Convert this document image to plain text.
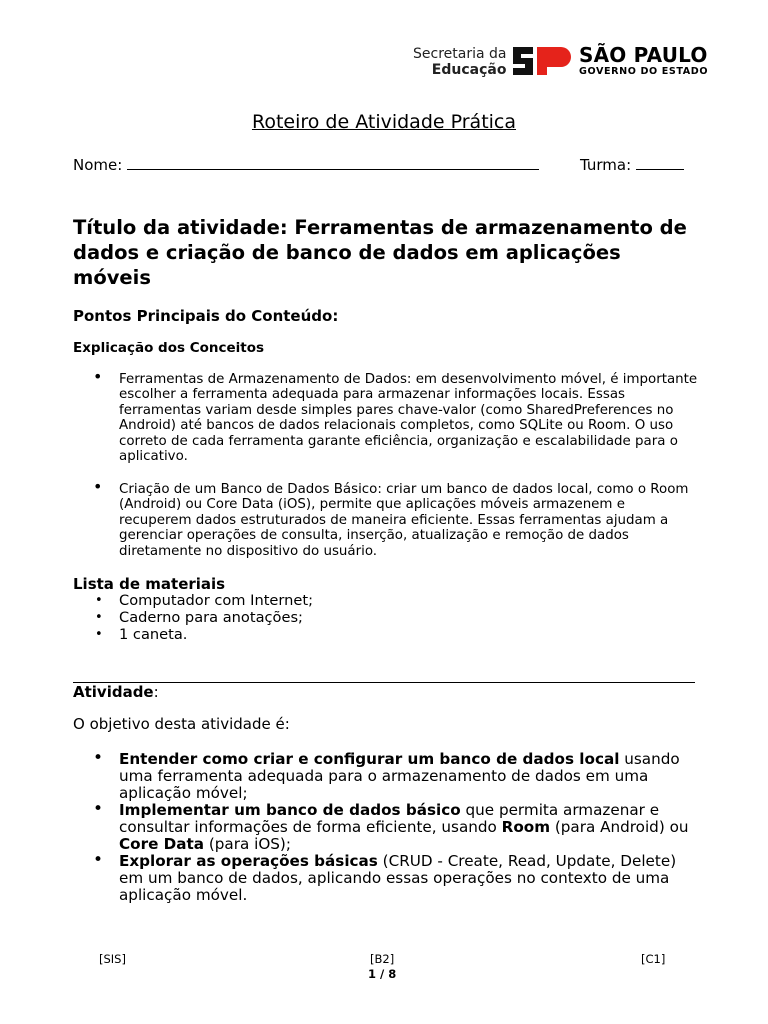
Secretaria da
Educação
SÃO PAULO
GOVERNO DO ESTADO
Roteiro de Atividade Prática
Nome:	Turma:
Título da atividade: Ferramentas de armazenamento de dados e criação de banco de dados em aplicações móveis
Pontos Principais do Conteúdo:
Explicação dos Conceitos
• Ferramentas de Armazenamento de Dados: em desenvolvimento móvel, é importante escolher a ferramenta adequada para armazenar informações locais. Essas ferramentas variam desde simples pares chave-valor (como SharedPreferences no Android) até bancos de dados relacionais completos, como SQLite ou Room. O uso correto de cada ferramenta garante eficiência, organização e escalabilidade para o aplicativo.
• Criação de um Banco de Dados Básico: criar um banco de dados local, como o Room (Android) ou Core Data (iOS), permite que aplicações móveis armazenem e recuperem dados estruturados de maneira eficiente. Essas ferramentas ajudam a gerenciar operações de consulta, inserção, atualização e remoção de dados diretamente no dispositivo do usuário.
Lista de materiais
• Computador com Internet;
• Caderno para anotações;
• 1 caneta.
Atividade:
O objetivo desta atividade é:
• Entender como criar e configurar um banco de dados local usando uma ferramenta adequada para o armazenamento de dados em uma aplicação móvel;
• Implementar um banco de dados básico que permita armazenar e consultar informações de forma eficiente, usando Room (para Android) ou Core Data (para iOS);
• Explorar as operações básicas (CRUD - Create, Read, Update, Delete) em um banco de dados, aplicando essas operações no contexto de uma aplicação móvel.
[SIS]	[B2]	[C1]
1 / 8
